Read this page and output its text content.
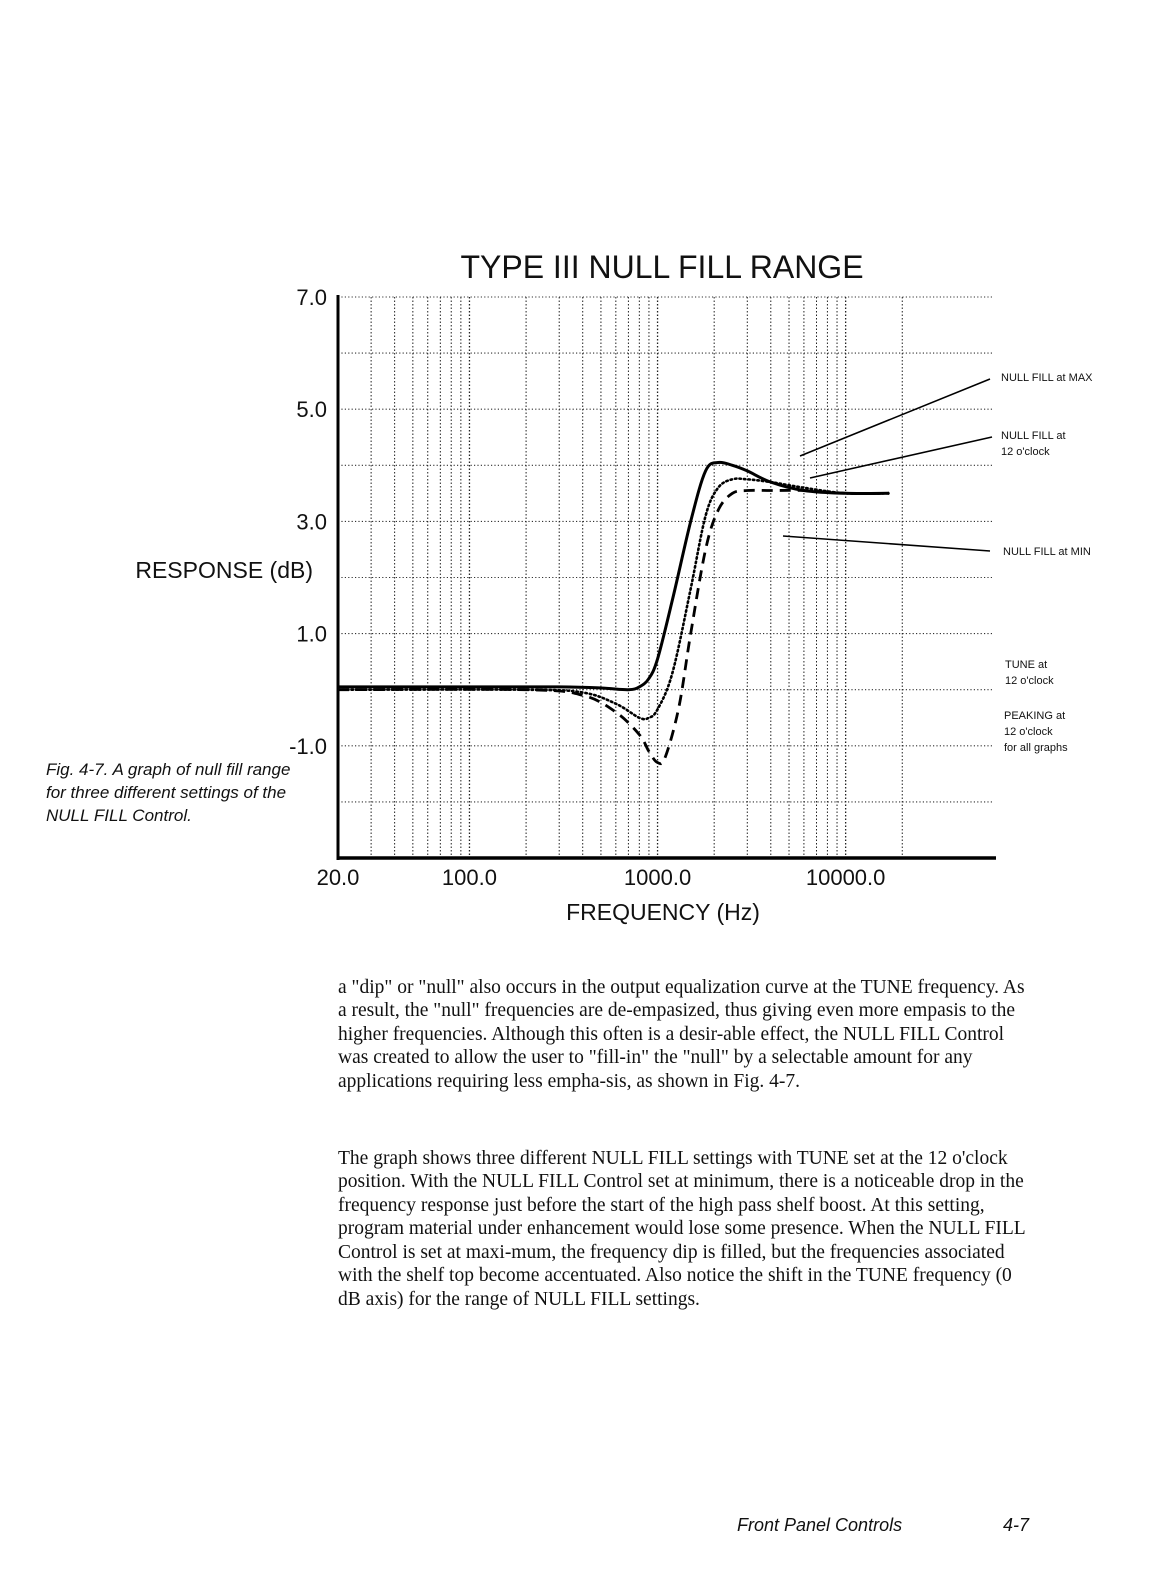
TYPE III NULL FILL RANGE
FREQUENCY (Hz)
RESPONSE (dB)
7.0
5.0
3.0
1.0
-1.0
20.0	100.0	1000.0	10000.0
NULL FILL at MAX
NULL FILL at
12 o'clock
NULL FILL at MIN
TUNE at
12 o'clock
PEAKING at
12 o'clock
for all graphs
Fig. 4-7. A graph of null fill range for three different settings of the NULL FILL Control.

a "dip" or "null" also occurs in the output equalization curve at the TUNE frequency. As a result, the "null" frequencies are de-empasized, thus giving even more empasis to the higher frequencies. Although this often is a desir-able effect, the NULL FILL Control was created to allow the user to "fill-in" the "null" by a selectable amount for any applications requiring less empha-sis, as shown in Fig. 4-7.

The graph shows three different NULL FILL settings with TUNE set at the 12 o'clock position. With the NULL FILL Control set at minimum, there is a noticeable drop in the frequency response just before the start of the high pass shelf boost. At this setting, program material under enhancement would lose some presence. When the NULL FILL Control is set at maxi-mum, the frequency dip is filled, but the frequencies associated with the shelf top become accentuated. Also notice the shift in the TUNE frequency (0 dB axis) for the range of NULL FILL settings.

Front Panel Controls	4-7
